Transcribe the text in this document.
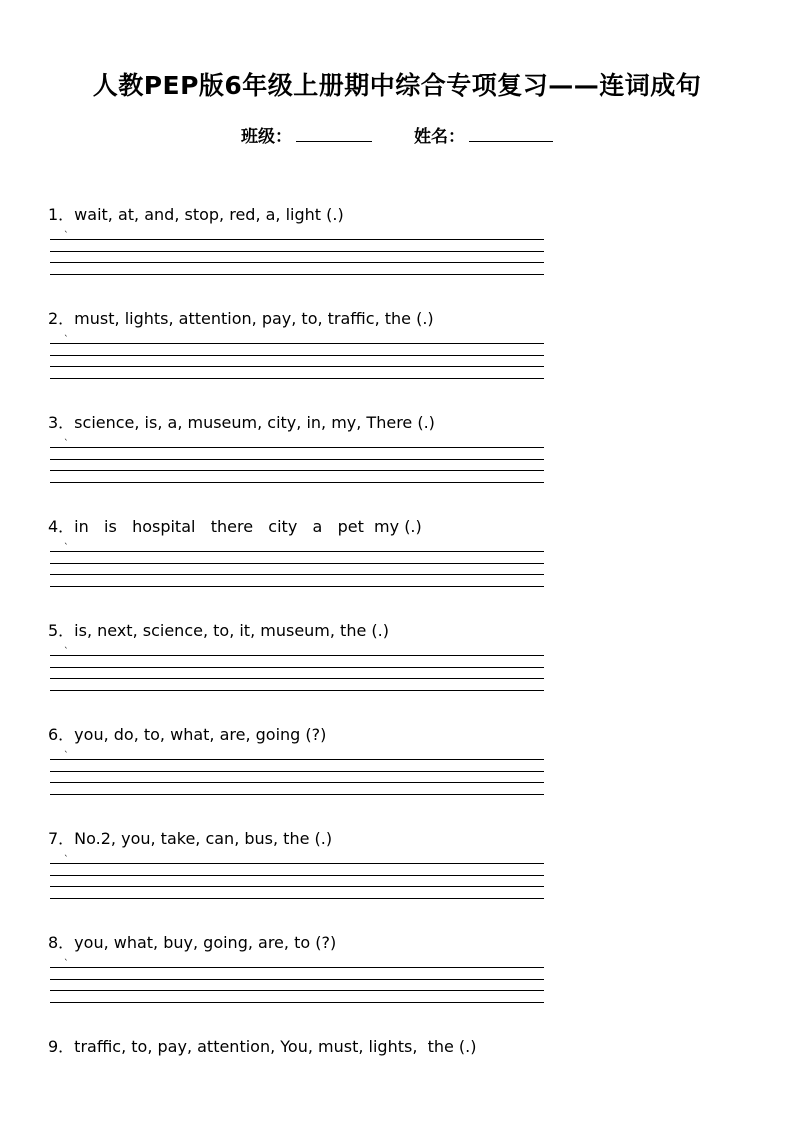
人教PEP版6年级上册期中综合专项复习——连词成句
班级：	姓名：
1．wait, at, and, stop, red, a, light (.)
ˋ
2．must, lights, attention, pay, to, traffic, the (.)
ˋ
3．science, is, a, museum, city, in, my, There (.)
ˋ
4．in   is   hospital   there   city   a   pet  my (.)
ˋ
5．is, next, science, to, it, museum, the (.)
ˋ
6．you, do, to, what, are, going (?)
ˋ
7．No.2, you, take, can, bus, the (.)
ˋ
8．you, what, buy, going, are, to (?)
ˋ
9．traffic, to, pay, attention, You, must, lights,  the (.)
